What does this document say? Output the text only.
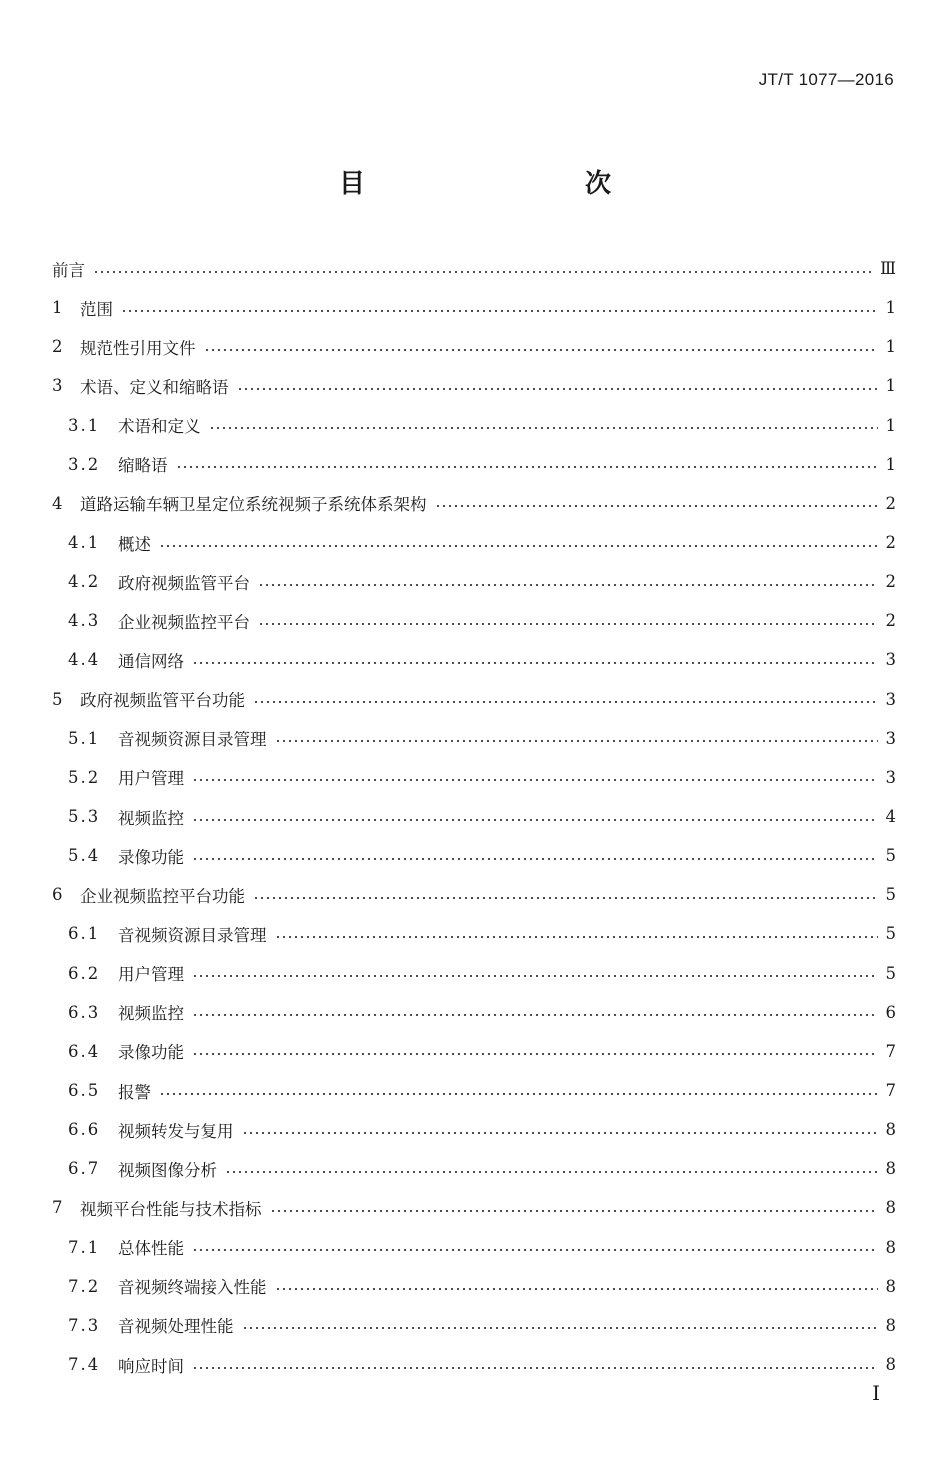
JT/T 1077—2016
目　　次
前言	Ⅲ
1	范围	1
2	规范性引用文件	1
3	术语、定义和缩略语	1
3.1	术语和定义	1
3.2	缩略语	1
4	道路运输车辆卫星定位系统视频子系统体系架构	2
4.1	概述	2
4.2	政府视频监管平台	2
4.3	企业视频监控平台	2
4.4	通信网络	3
5	政府视频监管平台功能	3
5.1	音视频资源目录管理	3
5.2	用户管理	3
5.3	视频监控	4
5.4	录像功能	5
6	企业视频监控平台功能	5
6.1	音视频资源目录管理	5
6.2	用户管理	5
6.3	视频监控	6
6.4	录像功能	7
6.5	报警	7
6.6	视频转发与复用	8
6.7	视频图像分析	8
7	视频平台性能与技术指标	8
7.1	总体性能	8
7.2	音视频终端接入性能	8
7.3	音视频处理性能	8
7.4	响应时间	8
I
